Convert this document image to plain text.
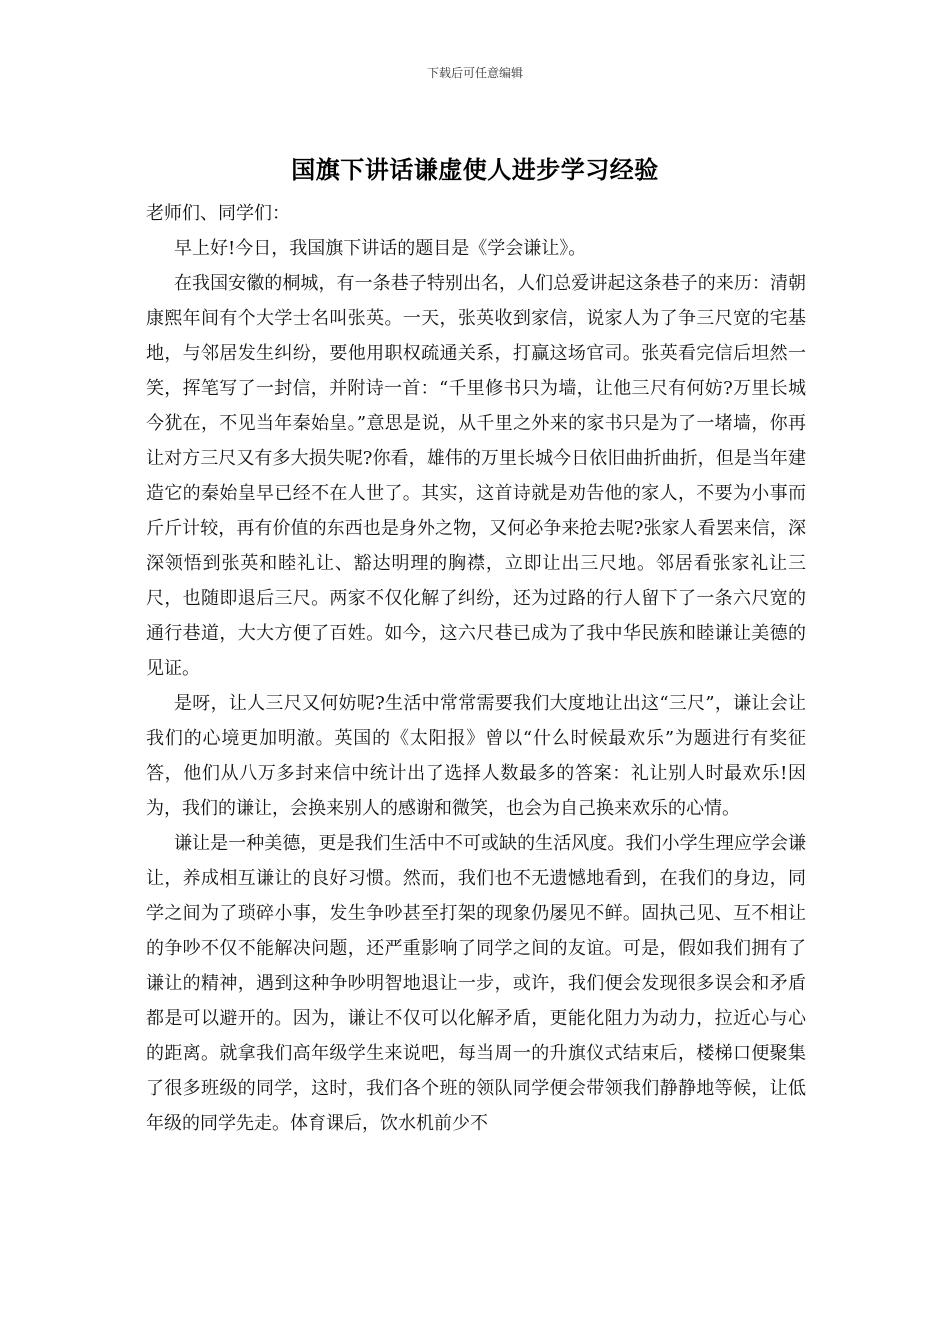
下载后可任意编辑
国旗下讲话谦虚使人进步学习经验

老师们、同学们：

早上好!今日，我国旗下讲话的题目是《学会谦让》。

在我国安徽的桐城，有一条巷子特别出名，人们总爱讲起这条巷子的来历：清朝康熙年间有个大学士名叫张英。一天，张英收到家信，说家人为了争三尺宽的宅基地，与邻居发生纠纷，要他用职权疏通关系，打赢这场官司。张英看完信后坦然一笑，挥笔写了一封信，并附诗一首：“千里修书只为墙，让他三尺有何妨?万里长城今犹在，不见当年秦始皇。”意思是说，从千里之外来的家书只是为了一堵墙，你再让对方三尺又有多大损失呢?你看，雄伟的万里长城今日依旧曲折曲折，但是当年建造它的秦始皇早已经不在人世了。其实，这首诗就是劝告他的家人，不要为小事而斤斤计较，再有价值的东西也是身外之物，又何必争来抢去呢?张家人看罢来信，深深领悟到张英和睦礼让、豁达明理的胸襟，立即让出三尺地。邻居看张家礼让三尺，也随即退后三尺。两家不仅化解了纠纷，还为过路的行人留下了一条六尺宽的通行巷道，大大方便了百姓。如今，这六尺巷已成为了我中华民族和睦谦让美德的见证。

是呀，让人三尺又何妨呢?生活中常常需要我们大度地让出这“三尺”，谦让会让我们的心境更加明澈。英国的《太阳报》曾以“什么时候最欢乐”为题进行有奖征答，他们从八万多封来信中统计出了选择人数最多的答案：礼让别人时最欢乐!因为，我们的谦让，会换来别人的感谢和微笑，也会为自己换来欢乐的心情。

谦让是一种美德，更是我们生活中不可或缺的生活风度。我们小学生理应学会谦让，养成相互谦让的良好习惯。然而，我们也不无遗憾地看到，在我们的身边，同学之间为了琐碎小事，发生争吵甚至打架的现象仍屡见不鲜。固执己见、互不相让的争吵不仅不能解决问题，还严重影响了同学之间的友谊。可是，假如我们拥有了谦让的精神，遇到这种争吵明智地退让一步，或许，我们便会发现很多误会和矛盾都是可以避开的。因为，谦让不仅可以化解矛盾，更能化阻力为动力，拉近心与心的距离。就拿我们高年级学生来说吧，每当周一的升旗仪式结束后，楼梯口便聚集了很多班级的同学，这时，我们各个班的领队同学便会带领我们静静地等候，让低年级的同学先走。体育课后，饮水机前少不
